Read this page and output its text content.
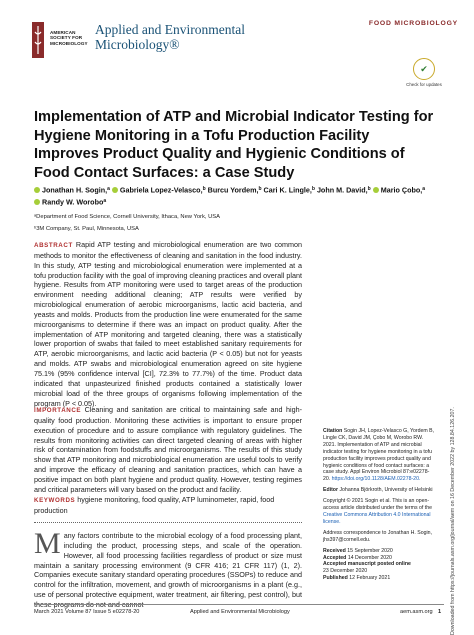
AMERICAN SOCIETY FOR MICROBIOLOGY
Applied and Environmental
Microbiology®
FOOD MICROBIOLOGY
✔
Check for updates
Implementation of ATP and Microbial Indicator Testing for Hygiene Monitoring in a Tofu Production Facility Improves Product Quality and Hygienic Conditions of Food Contact Surfaces: a Case Study
Jonathan H. Sogin,$^a$ Gabriela Lopez-Velasco,$^b$ Burcu Yordem,$^b$ Cari K. Lingle,$^b$ John M. David,$^b$ Mario Çobo,$^a$
Randy W. Worobo$^a$
ᵃDepartment of Food Science, Cornell University, Ithaca, New York, USA
ᵇ3M Company, St. Paul, Minnesota, USA
ABSTRACT Rapid ATP testing and microbiological enumeration are two common methods to monitor the effectiveness of cleaning and sanitation in the food industry. In this study, ATP testing and microbiological enumeration were implemented at a tofu production facility with the goal of improving cleaning practices and overall plant hygiene. Results from ATP monitoring were used to target areas of the production environment needing additional cleaning; ATP results were verified by microbiological enumeration of aerobic microorganisms, lactic acid bacteria, and yeasts and molds. Products from the production line were enumerated for the same microorganisms to determine if there was an impact on product quality. After the implementation of ATP monitoring and targeted cleaning, there was a statistically lower proportion of swabs that failed to meet established sanitary requirements for ATP, aerobic microorganisms, and lactic acid bacteria (P < 0.05) but not for yeasts and molds. ATP swabs and microbiological enumeration agreed on site hygiene 75.1% (95% confidence interval [CI], 72.3% to 77.7%) of the time. Product data indicated that unpasteurized finished products contained a statistically lower microbial load of the three groups of organisms following implementation of the program (P < 0.05).
IMPORTANCE Cleaning and sanitation are critical to maintaining safe and high-quality food production. Monitoring these activities is important to ensure proper execution of procedure and to assure compliance with regulatory guidelines. The results from monitoring activities can direct targeted cleaning of areas with higher risk of contamination from foodstuffs and microorganisms. The results of this study show that ATP monitoring and microbiological enumeration are useful tools to verify and improve the efficacy of cleaning and sanitation practices, which can have a positive impact on both plant hygiene and product quality. However, testing regimes and critical parameters will vary based on the product and facility.
KEYWORDS hygiene monitoring, food quality, ATP luminometer, rapid, food production
Many factors contribute to the microbial ecology of a food processing plant, including the product, processing steps, and scale of the operation. However, all food processing facilities regardless of product or size must maintain a sanitary processing environment (9 CFR 416; 21 CFR 117) (1, 2). Companies execute sanitary standard operating procedures (SSOPs) to reduce and control for the infiltration, movement, and growth of microorganisms in a plant (e.g., use of personal protective equipment, water treatment, air filtering, pest control), but these programs do not and cannot

Citation Sogin JH, Lopez-Velasco G, Yordem B, Lingle CK, David JM, Çobo M, Worobo RW. 2021. Implementation of ATP and microbial indicator testing for hygiene monitoring in a tofu production facility improves product quality and hygienic conditions of food contact surfaces: a case study. Appl Environ Microbiol 87:e02278-20. https://doi.org/10.1128/AEM.02278-20.

Editor Johanna Björkroth, University of Helsinki

Copyright © 2021 Sogin et al. This is an open-access article distributed under the terms of the Creative Commons Attribution 4.0 International license.

Address correspondence to Jonathan H. Sogin, jhs397@cornell.edu.

Received 15 September 2020
Accepted 14 December 2020
Accepted manuscript posted online
23 December 2020
Published 12 February 2021

March 2021 Volume 87 Issue 5 e02278-20	Applied and Environmental Microbiology	aem.asm.org 1 Downloaded from https://journals.asm.org/journal/aem on 16 December 2022 by 128.84.126.207.
